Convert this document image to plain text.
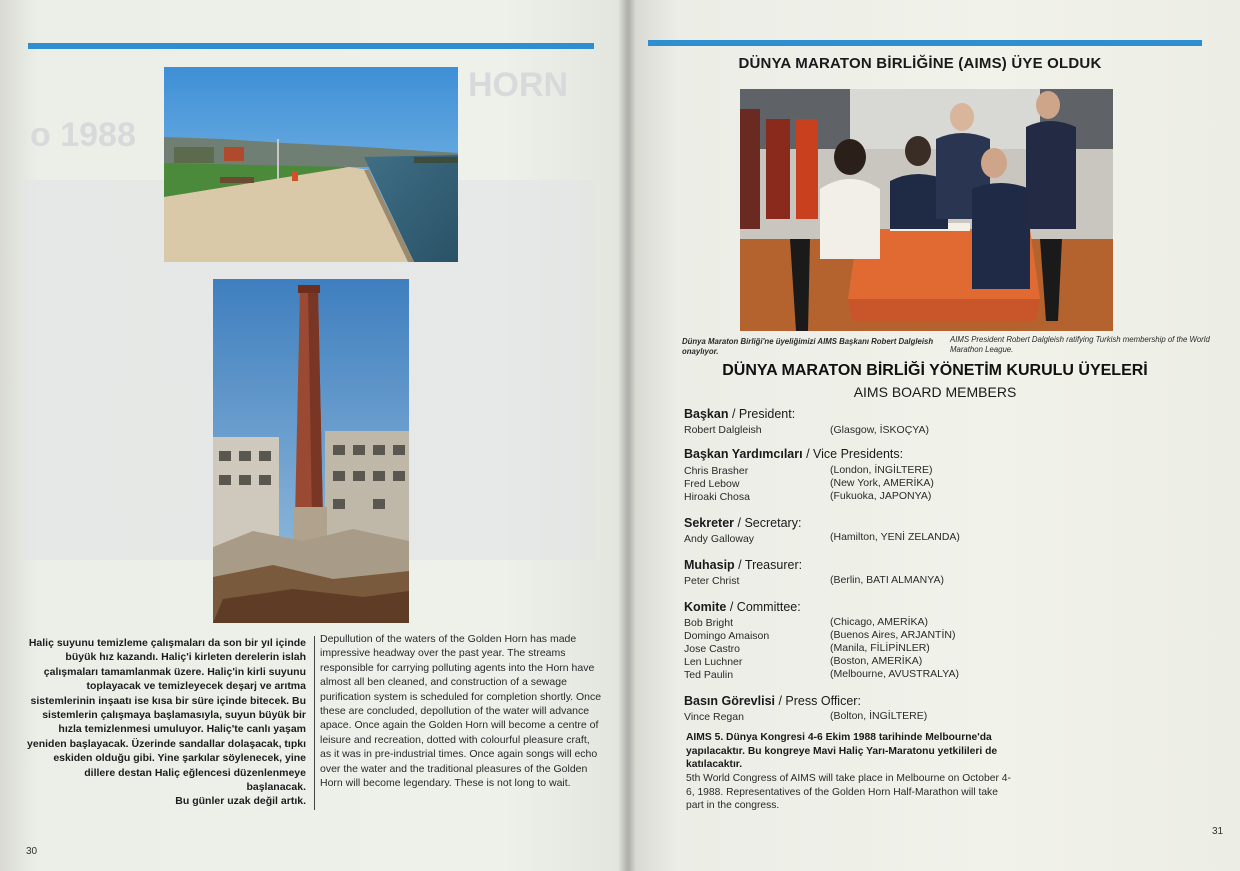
HORN
o 1988
Haliç suyunu temizleme çalışmaları da son bir yıl içinde büyük hız kazandı. Haliç'i kirleten derelerin islah çalışmaları tamamlanmak üzere. Haliç'in kirli suyunu toplayacak ve temizleyecek deşarj ve arıtma sistemlerinin inşaatı ise kısa bir süre içinde bitecek. Bu sistemlerin çalışmaya başlamasıyla, suyun büyük bir hızla temizlenmesi umuluyor. Haliç'te canlı yaşam yeniden başlayacak. Üzerinde sandallar dolaşacak, tıpkı eskiden olduğu gibi. Yine şarkılar söylenecek, yine dillere destan Haliç eğlencesi düzenlenmeye başlanacak.
Bu günler uzak değil artık.
Depullution of the waters of the Golden Horn has made impressive headway over the past year. The streams responsible for carrying polluting agents into the Horn have almost all ben cleaned, and construction of a sewage purification system is scheduled for completion shortly. Once these are concluded, depollution of the water will advance apace. Once again the Golden Horn will become a centre of leisure and recreation, dotted with colourful pleasure craft, as it was in pre-industrial times. Once again songs will echo over the water and the traditional pleasures of the Golden Horn will become legendary. These is not long to wait.
30
DÜNYA MARATON BİRLİĞİNE (AIMS) ÜYE OLDUK
Dünya Maraton Birliği'ne üyeliğimizi AIMS Başkanı Robert Dalgleish onaylıyor.
AIMS President Robert Dalgleish ratifying Turkish membership of the World Marathon League.
DÜNYA MARATON BİRLİĞİ YÖNETİM KURULU ÜYELERİ
AIMS BOARD MEMBERS
Başkan / President:
Robert Dalgleish	(Glasgow, İSKOÇYA)
Başkan Yardımcıları / Vice Presidents:
Chris Brasher	(London, İNGİLTERE)
Fred Lebow	(New York, AMERİKA)
Hiroaki Chosa	(Fukuoka, JAPONYA)
Sekreter / Secretary:
Andy Galloway	(Hamilton, YENİ ZELANDA)
Muhasip / Treasurer:
Peter Christ	(Berlin, BATI ALMANYA)
Komite / Committee:
Bob Bright	(Chicago, AMERİKA)
Domingo Amaison	(Buenos Aires, ARJANTİN)
Jose Castro	(Manila, FİLİPİNLER)
Len Luchner	(Boston, AMERİKA)
Ted Paulin	(Melbourne, AVUSTRALYA)
Basın Görevlisi / Press Officer:
Vince Regan	(Bolton, İNGİLTERE)
AIMS 5. Dünya Kongresi 4-6 Ekim 1988 tarihinde Melbourne'da yapılacaktır. Bu kongreye Mavi Haliç Yarı-Maratonu yetkilileri de katılacaktır.
5th World Congress of AIMS will take place in Melbourne on October 4-6, 1988. Representatives of the Golden Horn Half-Marathon will take part in the congress.
31
